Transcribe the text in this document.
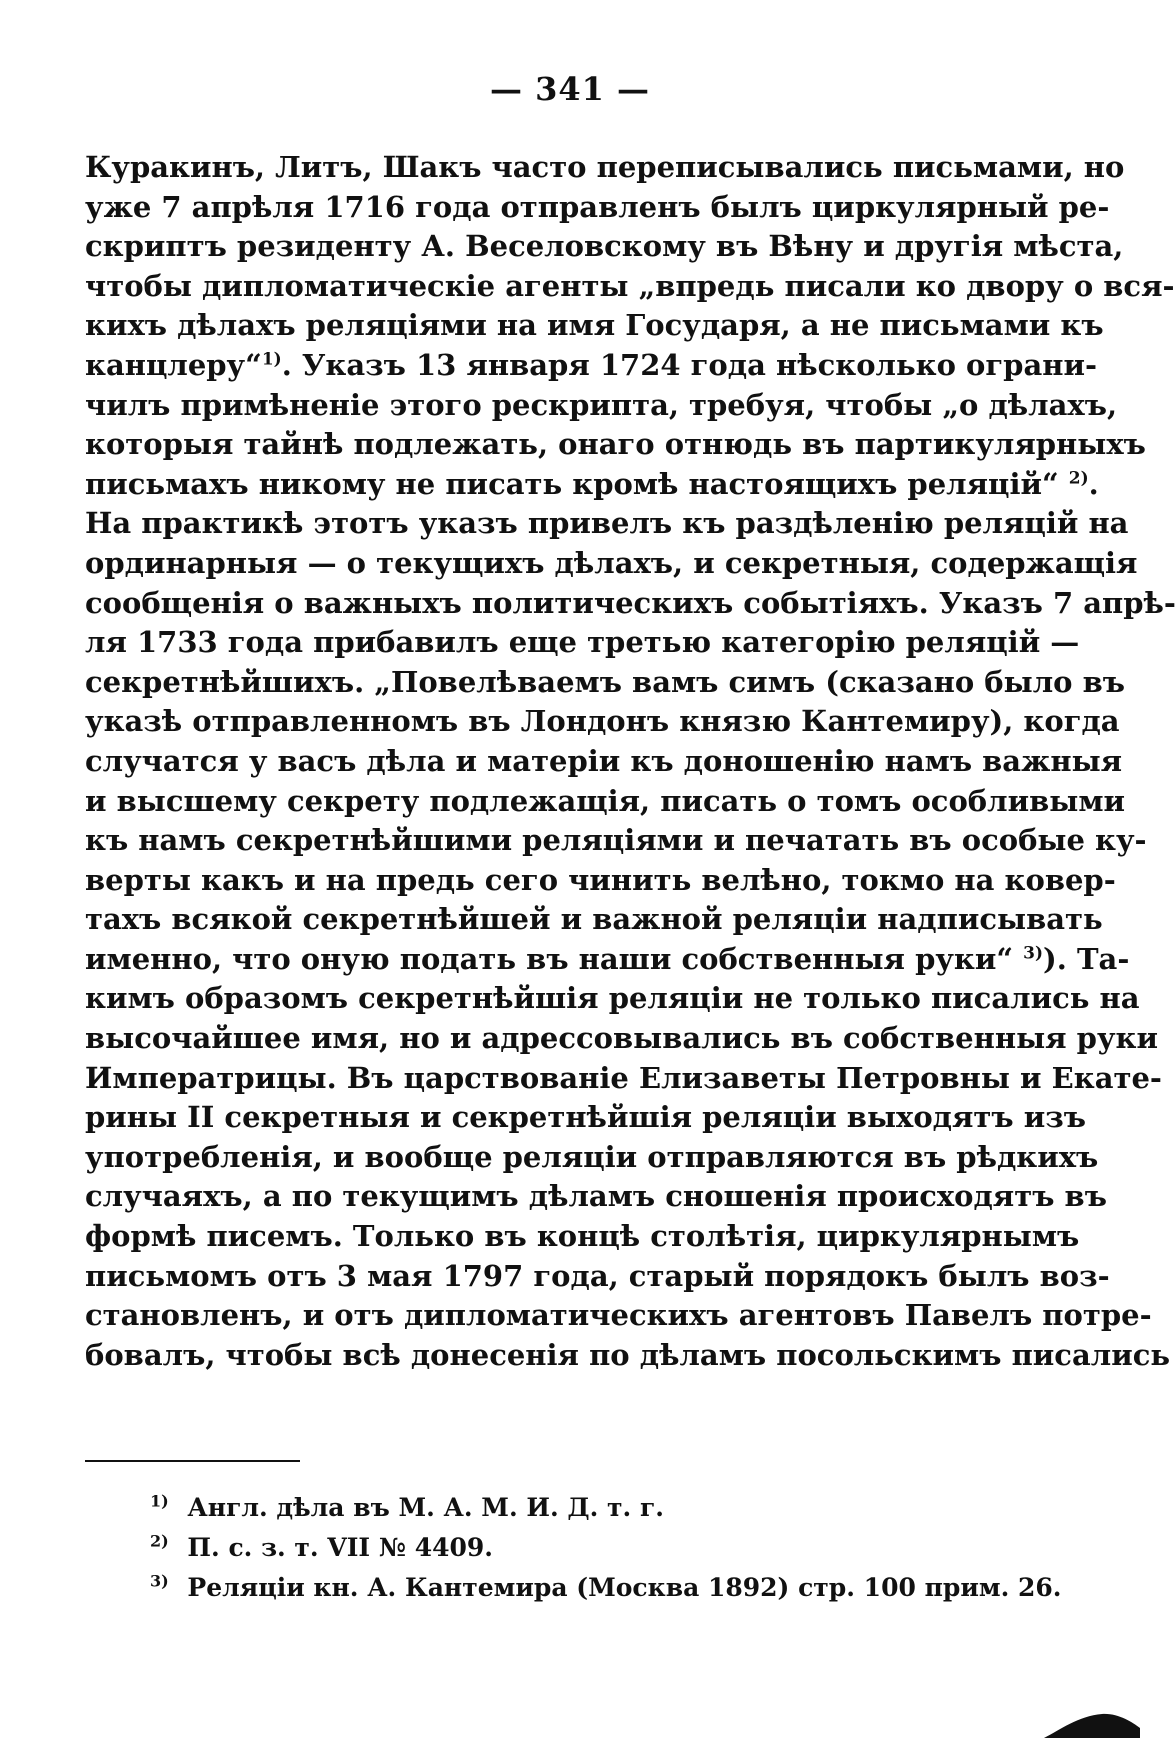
— 341 —
Куракинъ, Литъ, Шакъ часто переписывались письмами, но
уже 7 апрѣля 1716 года отправленъ былъ циркулярный ре-
скриптъ резиденту А. Веселовскому въ Вѣну и другія мѣста,
чтобы дипломатическіе агенты „впредь писали ко двору о вся-
кихъ дѣлахъ реляціями на имя Государя, а не письмами къ
канцлеру“$^{1)}$. Указъ 13 января 1724 года нѣсколько ограни-
чилъ примѣненіе этого рескрипта, требуя, чтобы „о дѣлахъ,
которыя тайнѣ подлежать, онаго отнюдь въ партикулярныхъ
письмахъ никому не писать кромѣ настоящихъ реляцій“ $^{2)}$.
На практикѣ этотъ указъ привелъ къ раздѣленію реляцій на
ординарныя — о текущихъ дѣлахъ, и секретныя, содержащія
сообщенія о важныхъ политическихъ событіяхъ. Указъ 7 апрѣ-
ля 1733 года прибавилъ еще третью категорію реляцій —
секретнѣйшихъ. „Повелѣваемъ вамъ симъ (сказано было въ
указѣ отправленномъ въ Лондонъ князю Кантемиру), когда
случатся у васъ дѣла и матеріи къ доношенію намъ важныя
и высшему секрету подлежащія, писать о томъ особливыми
къ намъ секретнѣйшими реляціями и печатать въ особые ку-
верты какъ и на предь сего чинить велѣно, токмо на ковер-
тахъ всякой секретнѣйшей и важной реляціи надписывать
именно, что оную подать въ наши собственныя руки“ $^{3)}$). Та-
кимъ образомъ секретнѣйшія реляціи не только писались на
высочайшее имя, но и адрессовывались въ собственныя руки
Императрицы. Въ царствованіе Елизаветы Петровны и Екате-
рины II секретныя и секретнѣйшія реляціи выходятъ изъ
употребленія, и вообще реляціи отправляются въ рѣдкихъ
случаяхъ, а по текущимъ дѣламъ сношенія происходятъ въ
формѣ писемъ. Только въ концѣ столѣтія, циркулярнымъ
письмомъ отъ 3 мая 1797 года, старый порядокъ былъ воз-
становленъ, и отъ дипломатическихъ агентовъ Павелъ потре-
бовалъ, чтобы всѣ донесенія по дѣламъ посольскимъ писались
$^{1)}$ Англ. дѣла въ М. А. М. И. Д. т. г.
$^{2)}$ П. с. з. т. VII № 4409.
$^{3)}$ Реляціи кн. А. Кантемира (Москва 1892) стр. 100 прим. 26.
